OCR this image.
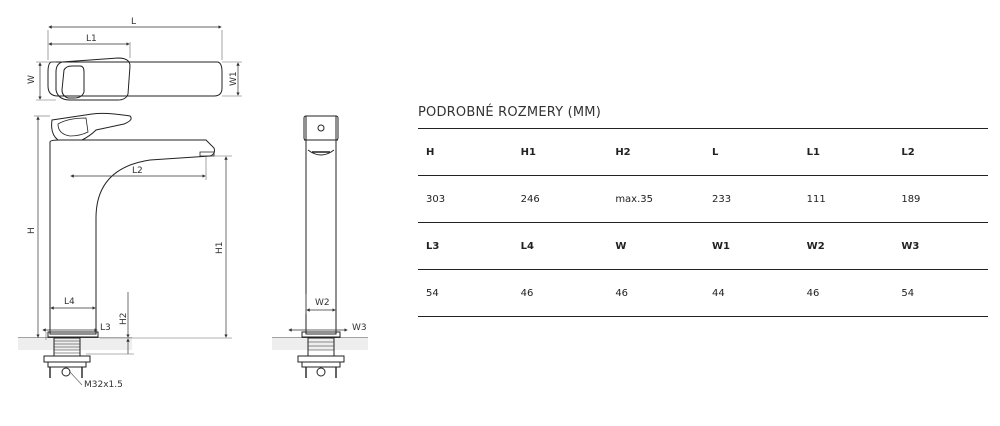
L
L1
W	W1
M32x1.5
H
H1
L2
L4
L3
H2
W2
W3
PODROBNÉ ROZMERY (MM)
H	H1	H2	L	L1	L2
303	246	max.35	233	111	189
L3	L4	W	W1	W2	W3
54	46	46	44	46	54
